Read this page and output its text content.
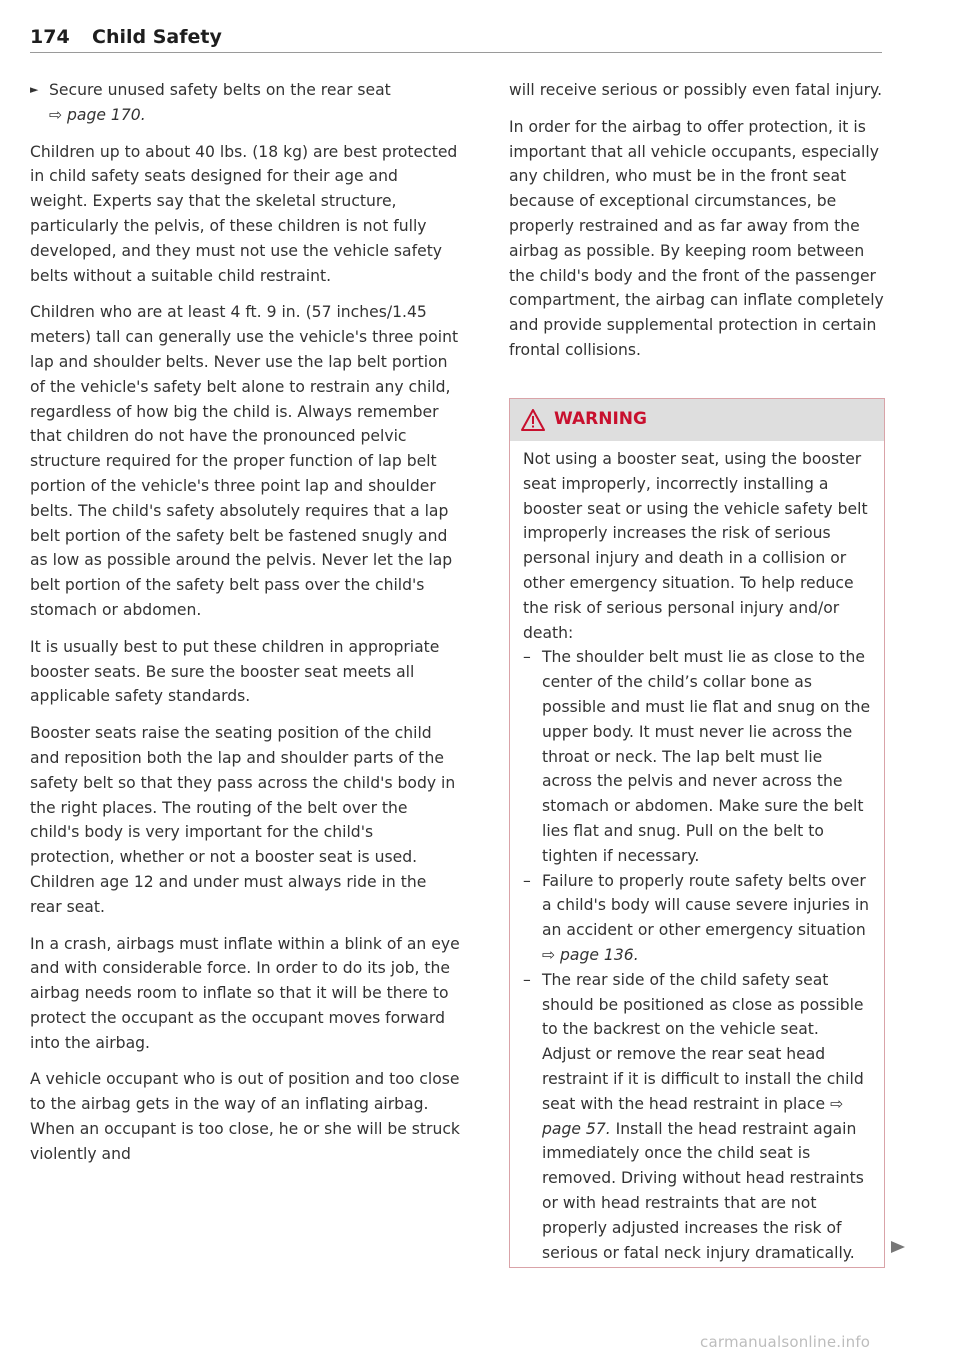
174 Child Safety

► Secure unused safety belts on the rear seat
⇨ page 170.

Children up to about 40 lbs. (18 kg) are best protected in child safety seats designed for their age and weight. Experts say that the skeletal structure, particularly the pelvis, of these children is not fully developed, and they must not use the vehicle safety belts without a suitable child restraint.

Children who are at least 4 ft. 9 in. (57 inches/1.45 meters) tall can generally use the vehicle's three point lap and shoulder belts. Never use the lap belt portion of the vehicle's safety belt alone to restrain any child, regardless of how big the child is. Always remember that children do not have the pronounced pelvic structure required for the proper function of lap belt portion of the vehicle's three point lap and shoulder belts. The child's safety absolutely requires that a lap belt portion of the safety belt be fastened snugly and as low as possible around the pelvis. Never let the lap belt portion of the safety belt pass over the child's stomach or abdomen.

It is usually best to put these children in appropriate booster seats. Be sure the booster seat meets all applicable safety standards.

Booster seats raise the seating position of the child and reposition both the lap and shoulder parts of the safety belt so that they pass across the child's body in the right places. The routing of the belt over the child's body is very important for the child's protection, whether or not a booster seat is used. Children age 12 and under must always ride in the rear seat.

In a crash, airbags must inflate within a blink of an eye and with considerable force. In order to do its job, the airbag needs room to inflate so that it will be there to protect the occupant as the occupant moves forward into the airbag.

A vehicle occupant who is out of position and too close to the airbag gets in the way of an inflating airbag. When an occupant is too close, he or she will be struck violently and

will receive serious or possibly even fatal injury.

In order for the airbag to offer protection, it is important that all vehicle occupants, especially any children, who must be in the front seat because of exceptional circumstances, be properly restrained and as far away from the airbag as possible. By keeping room between the child's body and the front of the passenger compartment, the airbag can inflate completely and provide supplemental protection in certain frontal collisions.

WARNING

Not using a booster seat, using the booster seat improperly, incorrectly installing a booster seat or using the vehicle safety belt improperly increases the risk of serious personal injury and death in a collision or other emergency situation. To help reduce the risk of serious personal injury and/or death:

– The shoulder belt must lie as close to the center of the child’s collar bone as possible and must lie flat and snug on the upper body. It must never lie across the throat or neck. The lap belt must lie across the pelvis and never across the stomach or abdomen. Make sure the belt lies flat and snug. Pull on the belt to tighten if necessary.
– Failure to properly route safety belts over a child's body will cause severe injuries in an accident or other emergency situation ⇨ page 136.
– The rear side of the child safety seat should be positioned as close as possible to the backrest on the vehicle seat. Adjust or remove the rear seat head restraint if it is difficult to install the child seat with the head restraint in place ⇨ page 57. Install the head restraint again immediately once the child seat is removed. Driving without head restraints or with head restraints that are not properly adjusted increases the risk of serious or fatal neck injury dramatically.
carmanualsonline.info
